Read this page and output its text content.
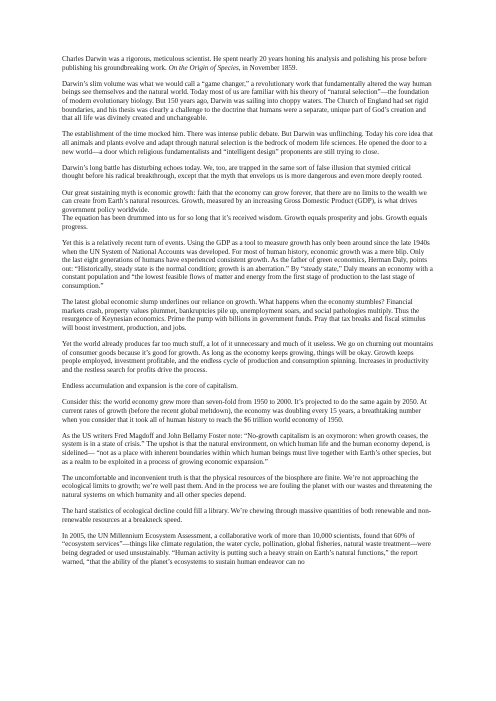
Charles Darwin was a rigorous, meticulous scientist. He spent nearly 20 years honing his analysis and polishing his prose before publishing his groundbreaking work. On the Origin of Species, in November 1859.

Darwin’s slim volume was what we would call a “game changer,” a revolutionary work that fundamentally altered the way human beings see themselves and the natural world. Today most of us are familiar with his theory of “natural selection”—the foundation of modern evolutionary biology. But 150 years ago, Darwin was sailing into choppy waters. The Church of England had set rigid boundaries, and his thesis was clearly a challenge to the doctrine that humans were a separate, unique part of God’s creation and that all life was divinely created and unchangeable.

The establishment of the time mocked him. There was intense public debate. But Darwin was unflinching. Today his core idea that all animals and plants evolve and adapt through natural selection is the bedrock of modern life sciences. He opened the door to a new world—a door which religious fundamentalists and “intelligent design” proponents are still trying to close.

Darwin’s long battle has disturbing echoes today. We, too, are trapped in the same sort of false illusion that stymied critical thought before his radical breakthrough, except that the myth that envelops us is more dangerous and even more deeply rooted.

Our great sustaining myth is economic growth: faith that the economy can grow forever, that there are no limits to the wealth we can create from Earth’s natural resources. Growth, measured by an increasing Gross Domestic Product (GDP), is what drives government policy worldwide.

The equation has been drummed into us for so long that it’s received wisdom. Growth equals prosperity and jobs. Growth equals progress.

Yet this is a relatively recent turn of events. Using the GDP as a tool to measure growth has only been around since the late 1940s when the UN System of National Accounts was developed. For most of human history, economic growth was a mere blip. Only the last eight generations of humans have experienced consistent growth. As the father of green economics, Herman Daly, points out: “Historically, steady state is the normal condition; growth is an aberration.” By “steady state,” Daly means an economy with a constant population and “the lowest feasible flows of matter and energy from the first stage of production to the last stage of consumption.”

The latest global economic slump underlines our reliance on growth. What happens when the economy stumbles? Financial markets crash, property values plummet, bankruptcies pile up, unemployment soars, and social pathologies multiply. Thus the resurgence of Keynesian economics. Prime the pump with billions in government funds. Pray that tax breaks and fiscal stimulus will boost investment, production, and jobs.

Yet the world already produces far too much stuff, a lot of it unnecessary and much of it useless. We go on churning out mountains of consumer goods because it’s good for growth. As long as the economy keeps growing, things will be okay. Growth keeps people employed, investment profitable, and the endless cycle of production and consumption spinning. Increases in productivity and the restless search for profits drive the process.

Endless accumulation and expansion is the core of capitalism.

Consider this: the world economy grew more than seven-fold from 1950 to 2000. It’s projected to do the same again by 2050. At current rates of growth (before the recent global meltdown), the economy was doubling every 15 years, a breathtaking number when you consider that it took all of human history to reach the $6 trillion world economy of 1950.

As the US writers Fred Magdoff and John Bellamy Foster note: “No-growth capitalism is an oxymoron: when growth ceases, the system is in a state of crisis.” The upshot is that the natural environment, on which human life and the human economy depend, is sidelined— “not as a place with inherent boundaries within which human beings must live together with Earth’s other species, but as a realm to be exploited in a process of growing economic expansion.”

The uncomfortable and inconvenient truth is that the physical resources of the biosphere are finite. We’re not approaching the ecological limits to growth; we’re well past them. And in the process we are fouling the planet with our wastes and threatening the natural systems on which humanity and all other species depend.

The hard statistics of ecological decline could fill a library. We’re chewing through massive quantities of both renewable and non-renewable resources at a breakneck speed.

In 2005, the UN Millennium Ecosystem Assessment, a collaborative work of more than 10,000 scientists, found that 60% of “ecosystem services”—things like climate regulation, the water cycle, pollination, global fisheries, natural waste treatment—were being degraded or used unsustainably. “Human activity is putting such a heavy strain on Earth’s natural functions,” the report warned, “that the ability of the planet’s ecosystems to sustain human endeavor can no
